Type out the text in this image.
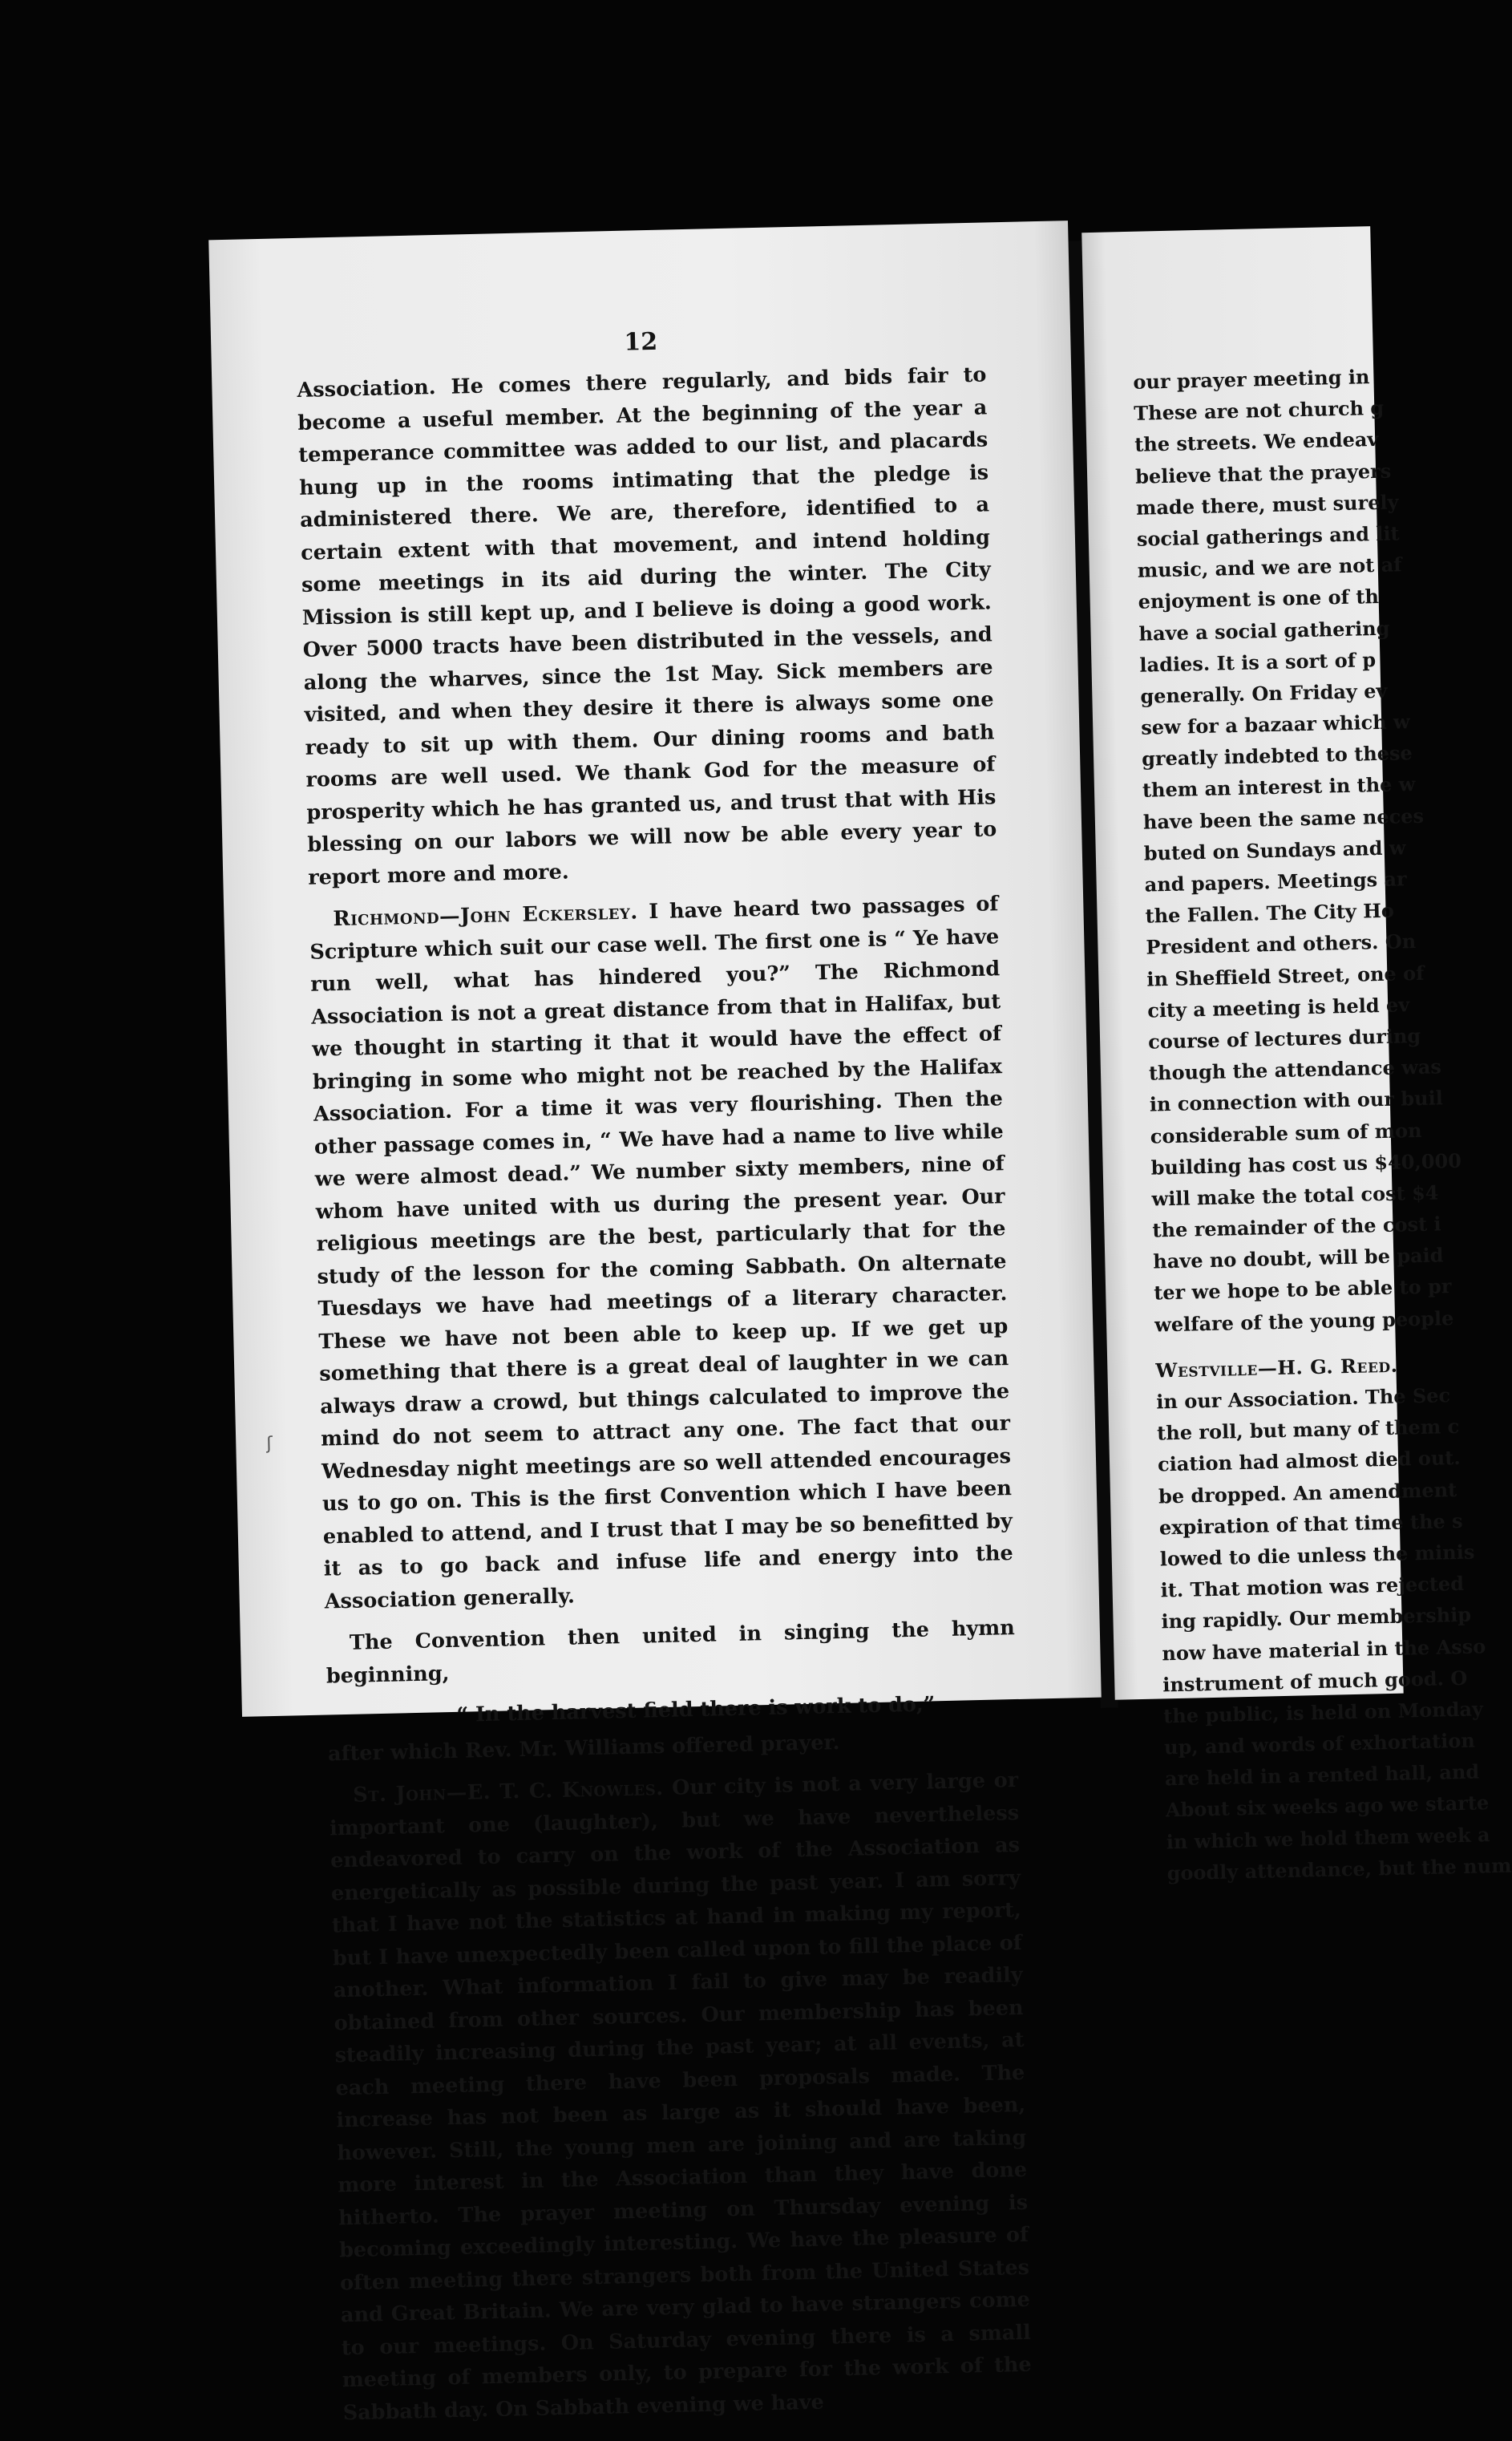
12

Association. He comes there regularly, and bids fair to become a useful member. At the beginning of the year a temperance committee was added to our list, and placards hung up in the rooms intimating that the pledge is administered there. We are, therefore, identified to a certain extent with that movement, and intend holding some meetings in its aid during the winter. The City Mission is still kept up, and I believe is doing a good work. Over 5000 tracts have been distributed in the vessels, and along the wharves, since the 1st May. Sick members are visited, and when they desire it there is always some one ready to sit up with them. Our dining rooms and bath rooms are well used. We thank God for the measure of prosperity which he has granted us, and trust that with His blessing on our labors we will now be able every year to report more and more.

Richmond—John Eckersley. I have heard two passages of Scripture which suit our case well. The first one is “ Ye have run well, what has hindered you?” The Richmond Association is not a great distance from that in Halifax, but we thought in starting it that it would have the effect of bringing in some who might not be reached by the Halifax Association. For a time it was very flourishing. Then the other passage comes in, “ We have had a name to live while we were almost dead.” We number sixty members, nine of whom have united with us during the present year. Our religious meetings are the best, particularly that for the study of the lesson for the coming Sabbath. On alternate Tuesdays we have had meetings of a literary character. These we have not been able to keep up. If we get up something that there is a great deal of laughter in we can always draw a crowd, but things calculated to improve the mind do not seem to attract any one. The fact that our Wednesday night meetings are so well attended encourages us to go on. This is the first Convention which I have been enabled to attend, and I trust that I may be so benefitted by it as to go back and infuse life and energy into the Association generally.

The Convention then united in singing the hymn beginning,

“ In the harvest field there is work to do,”

after which Rev. Mr. Williams offered prayer.

St. John—E. T. C. Knowles. Our city is not a very large or important one (laughter), but we have nevertheless endeavored to carry on the work of the Association as energetically as possible during the past year. I am sorry that I have not the statistics at hand in making my report, but I have unexpectedly been called upon to fill the place of another. What information I fail to give may be readily obtained from other sources. Our membership has been steadily increasing during the past year; at all events, at each meeting there have been proposals made. The increase has not been as large as it should have been, however. Still, the young men are joining and are taking more interest in the Association than they have done hitherto. The prayer meeting on Thursday evening is becoming exceedingly interesting. We have the pleasure of often meeting there strangers both from the United States and Great Britain. We are very glad to have strangers come to our meetings. On Saturday evening there is a small meeting of members only, to prepare for the work of the Sabbath day. On Sabbath evening we have

ʃ
our prayer meeting in
These are not church g
the streets. We endeav
believe that the prayers
made there, must surely
social gatherings and lit
music, and we are not af
enjoyment is one of th
have a social gathering
ladies. It is a sort of p
generally. On Friday ev
sew for a bazaar which w
greatly indebted to these
them an interest in the w
have been the same neces
buted on Sundays and w
and papers. Meetings ar
the Fallen. The City Ho
President and others. On
in Sheffield Street, one of
city a meeting is held ev
course of lectures during
though the attendance was
in connection with our buil
considerable sum of mon
building has cost us $40,000
will make the total cost $4
the remainder of the cost i
have no doubt, will be paid
ter we hope to be able to pr
welfare of the young people
Westville—H. G. Reed.
in our Association. The Sec
the roll, but many of them c
ciation had almost died out.
be dropped. An amendment
expiration of that time the s
lowed to die unless the minis
it. That motion was rejected
ing rapidly. Our membership
now have material in the Asso
instrument of much good. O
the public, is held on Monday
up, and words of exhortation
are held in a rented hall, and
About six weeks ago we starte
in which we hold them week a
goodly attendance, but the num
